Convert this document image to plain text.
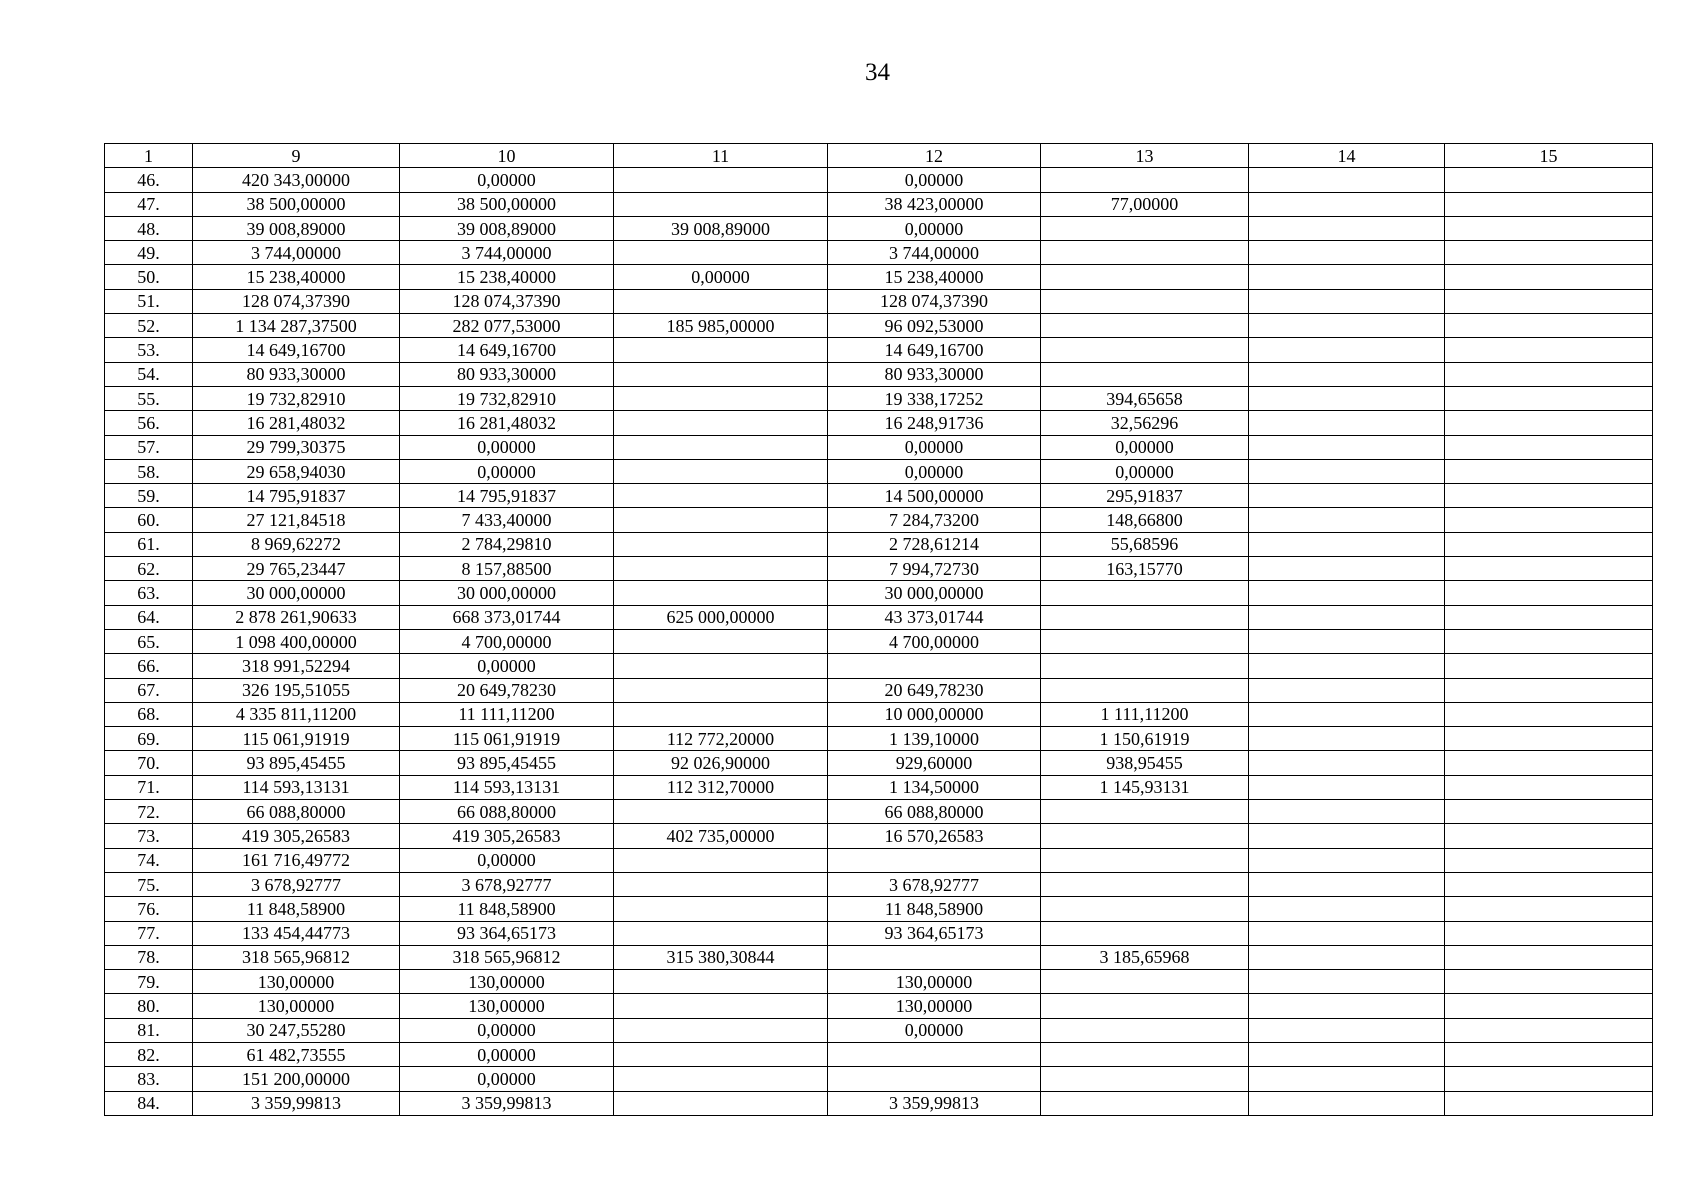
34
1	9	10	11	12	13	14	15
46.	420 343,00000	0,00000		0,00000			
47.	38 500,00000	38 500,00000		38 423,00000	77,00000		
48.	39 008,89000	39 008,89000	39 008,89000	0,00000			
49.	3 744,00000	3 744,00000		3 744,00000			
50.	15 238,40000	15 238,40000	0,00000	15 238,40000			
51.	128 074,37390	128 074,37390		128 074,37390			
52.	1 134 287,37500	282 077,53000	185 985,00000	96 092,53000			
53.	14 649,16700	14 649,16700		14 649,16700			
54.	80 933,30000	80 933,30000		80 933,30000			
55.	19 732,82910	19 732,82910		19 338,17252	394,65658		
56.	16 281,48032	16 281,48032		16 248,91736	32,56296		
57.	29 799,30375	0,00000		0,00000	0,00000		
58.	29 658,94030	0,00000		0,00000	0,00000		
59.	14 795,91837	14 795,91837		14 500,00000	295,91837		
60.	27 121,84518	7 433,40000		7 284,73200	148,66800		
61.	8 969,62272	2 784,29810		2 728,61214	55,68596		
62.	29 765,23447	8 157,88500		7 994,72730	163,15770		
63.	30 000,00000	30 000,00000		30 000,00000			
64.	2 878 261,90633	668 373,01744	625 000,00000	43 373,01744			
65.	1 098 400,00000	4 700,00000		4 700,00000			
66.	318 991,52294	0,00000					
67.	326 195,51055	20 649,78230		20 649,78230			
68.	4 335 811,11200	11 111,11200		10 000,00000	1 111,11200		
69.	115 061,91919	115 061,91919	112 772,20000	1 139,10000	1 150,61919		
70.	93 895,45455	93 895,45455	92 026,90000	929,60000	938,95455		
71.	114 593,13131	114 593,13131	112 312,70000	1 134,50000	1 145,93131		
72.	66 088,80000	66 088,80000		66 088,80000			
73.	419 305,26583	419 305,26583	402 735,00000	16 570,26583			
74.	161 716,49772	0,00000					
75.	3 678,92777	3 678,92777		3 678,92777			
76.	11 848,58900	11 848,58900		11 848,58900			
77.	133 454,44773	93 364,65173		93 364,65173			
78.	318 565,96812	318 565,96812	315 380,30844		3 185,65968		
79.	130,00000	130,00000		130,00000			
80.	130,00000	130,00000		130,00000			
81.	30 247,55280	0,00000		0,00000			
82.	61 482,73555	0,00000					
83.	151 200,00000	0,00000					
84.	3 359,99813	3 359,99813		3 359,99813			
